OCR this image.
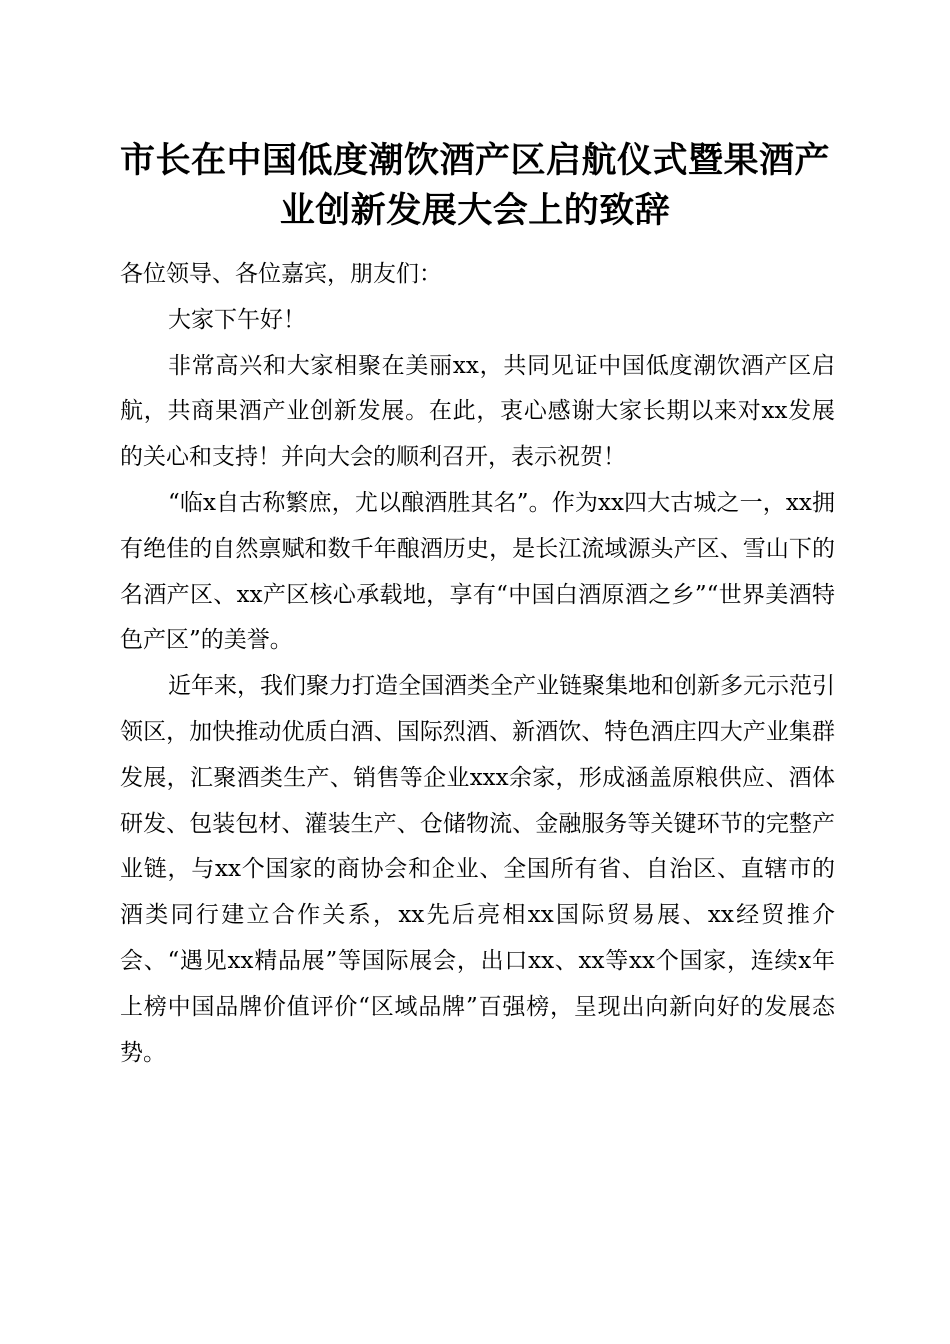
市长在中国低度潮饮酒产区启航仪式暨果酒产
业创新发展大会上的致辞

各位领导、各位嘉宾，朋友们：

大家下午好！

非常高兴和大家相聚在美丽xx，共同见证中国低度潮饮酒产区启航，共商果酒产业创新发展。在此，衷心感谢大家长期以来对xx发展的关心和支持！并向大会的顺利召开，表示祝贺！

“临x自古称繁庶，尤以酿酒胜其名”。作为xx四大古城之一，xx拥有绝佳的自然禀赋和数千年酿酒历史，是长江流域源头产区、雪山下的名酒产区、xx产区核心承载地，享有“中国白酒原酒之乡”“世界美酒特色产区”的美誉。

近年来，我们聚力打造全国酒类全产业链聚集地和创新多元示范引领区，加快推动优质白酒、国际烈酒、新酒饮、特色酒庄四大产业集群发展，汇聚酒类生产、销售等企业xxx余家，形成涵盖原粮供应、酒体研发、包装包材、灌装生产、仓储物流、金融服务等关键环节的完整产业链，与xx个国家的商协会和企业、全国所有省、自治区、直辖市的酒类同行建立合作关系，xx先后亮相xx国际贸易展、xx经贸推介会、“遇见xx精品展”等国际展会，出口xx、xx等xx个国家，连续x年上榜中国品牌价值评价“区域品牌”百强榜，呈现出向新向好的发展态势。
